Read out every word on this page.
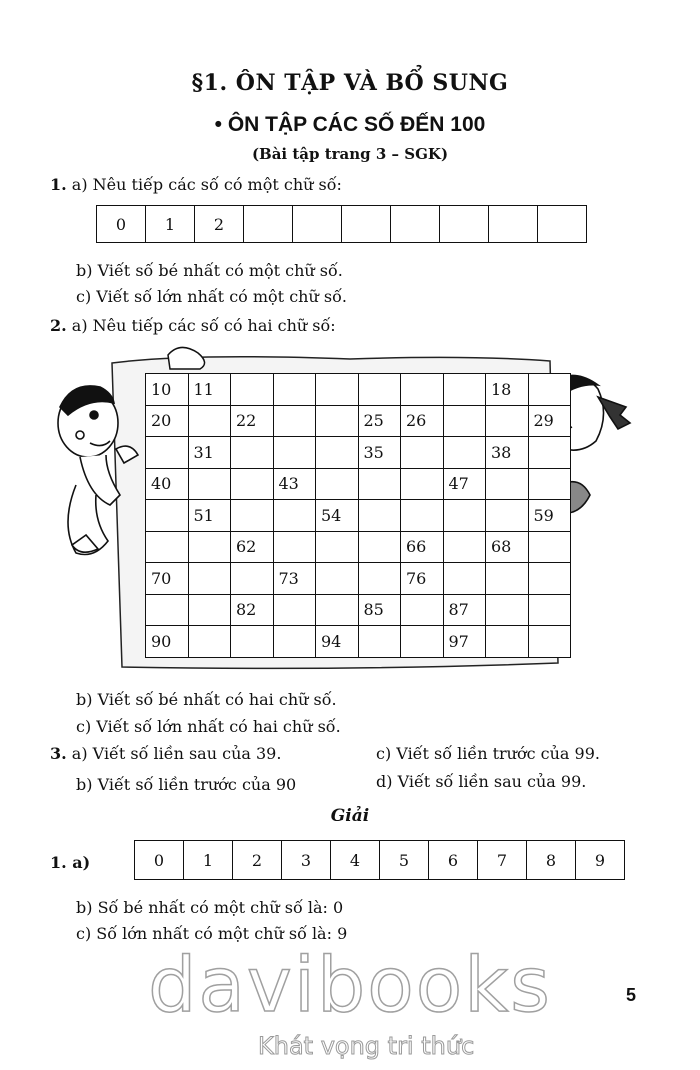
§1. ÔN TẬP VÀ BỔ SUNG
• ÔN TẬP CÁC SỐ ĐẾN 100
(Bài tập trang 3 – SGK)
1. a) Nêu tiếp các số có một chữ số:
0	1	2							
b) Viết số bé nhất có một chữ số.
c) Viết số lớn nhất có một chữ số.
2. a) Nêu tiếp các số có hai chữ số:
10	11							18	
20		22			25	26			29
	31				35			38	
40			43				47		
	51			54					59
		62				66		68	
70			73			76			
		82			85		87		
90				94			97		
b) Viết số bé nhất có hai chữ số.
c) Viết số lớn nhất có hai chữ số.
3. a) Viết số liền sau của 39.	c) Viết số liền trước của 99.
b) Viết số liền trước của 90	d) Viết số liền sau của 99.
Giải
1. a)	0	1	2	3	4	5	6	7	8	9
b) Số bé nhất có một chữ số là: 0
c) Số lớn nhất có một chữ số là: 9
davibooks
Khát vọng tri thức
5
